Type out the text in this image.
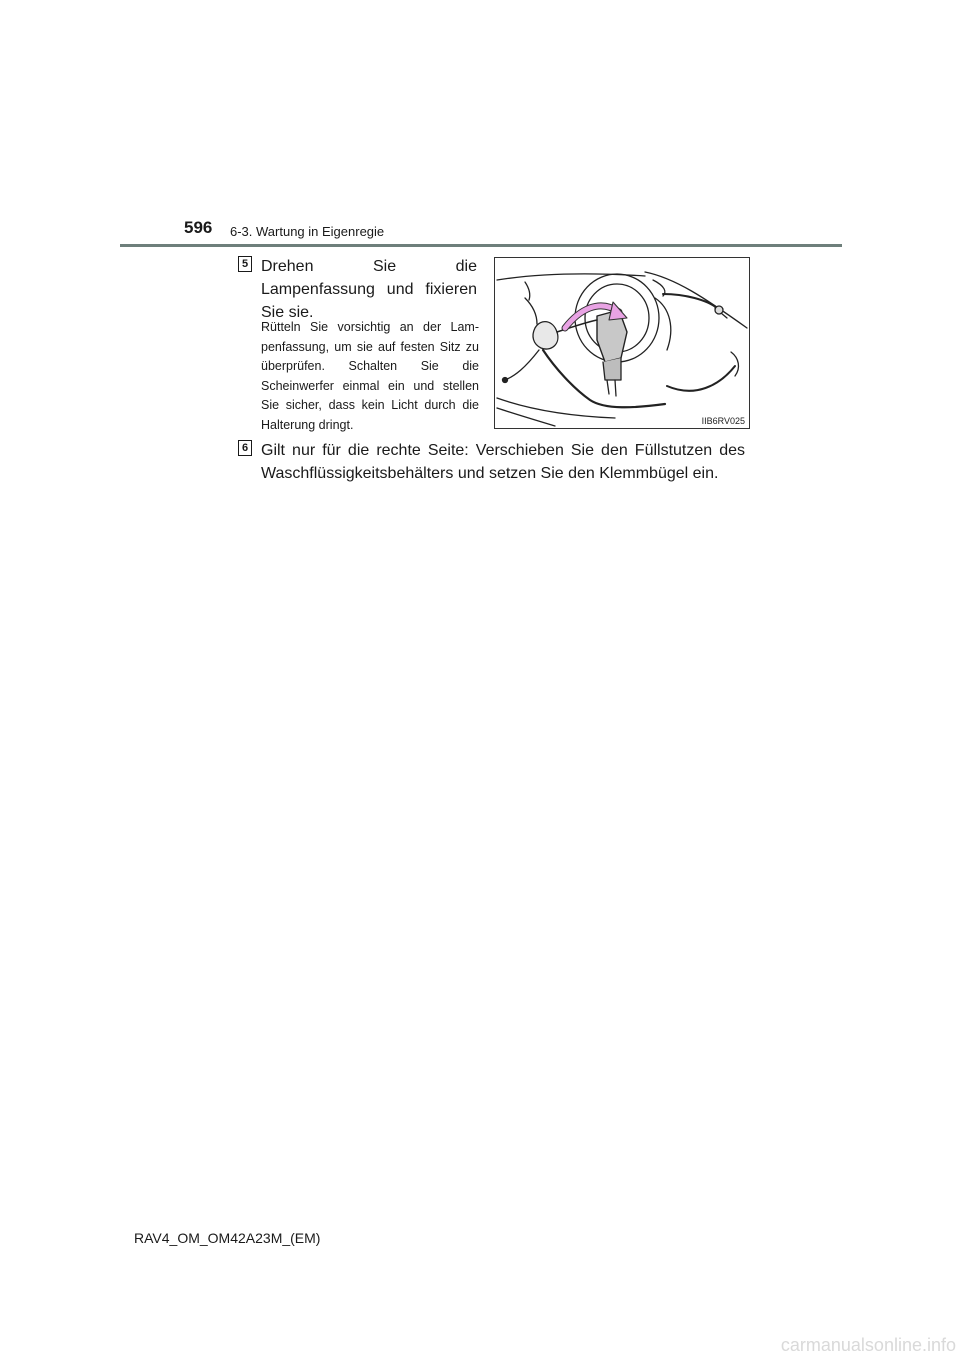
596 6-3. Wartung in Eigenregie
5 Drehen Sie die Lampenfassung und fixieren Sie sie.
Rütteln Sie vorsichtig an der Lam-penfassung, um sie auf festen Sitz zu überprüfen. Schalten Sie die Scheinwerfer einmal ein und stellen Sie sicher, dass kein Licht durch die Halterung dringt.	IIB6RV025
6 Gilt nur für die rechte Seite: Verschieben Sie den Füllstutzen des Waschflüssigkeitsbehälters und setzen Sie den Klemmbügel ein.
RAV4_OM_OM42A23M_(EM)
carmanualsonline.info
